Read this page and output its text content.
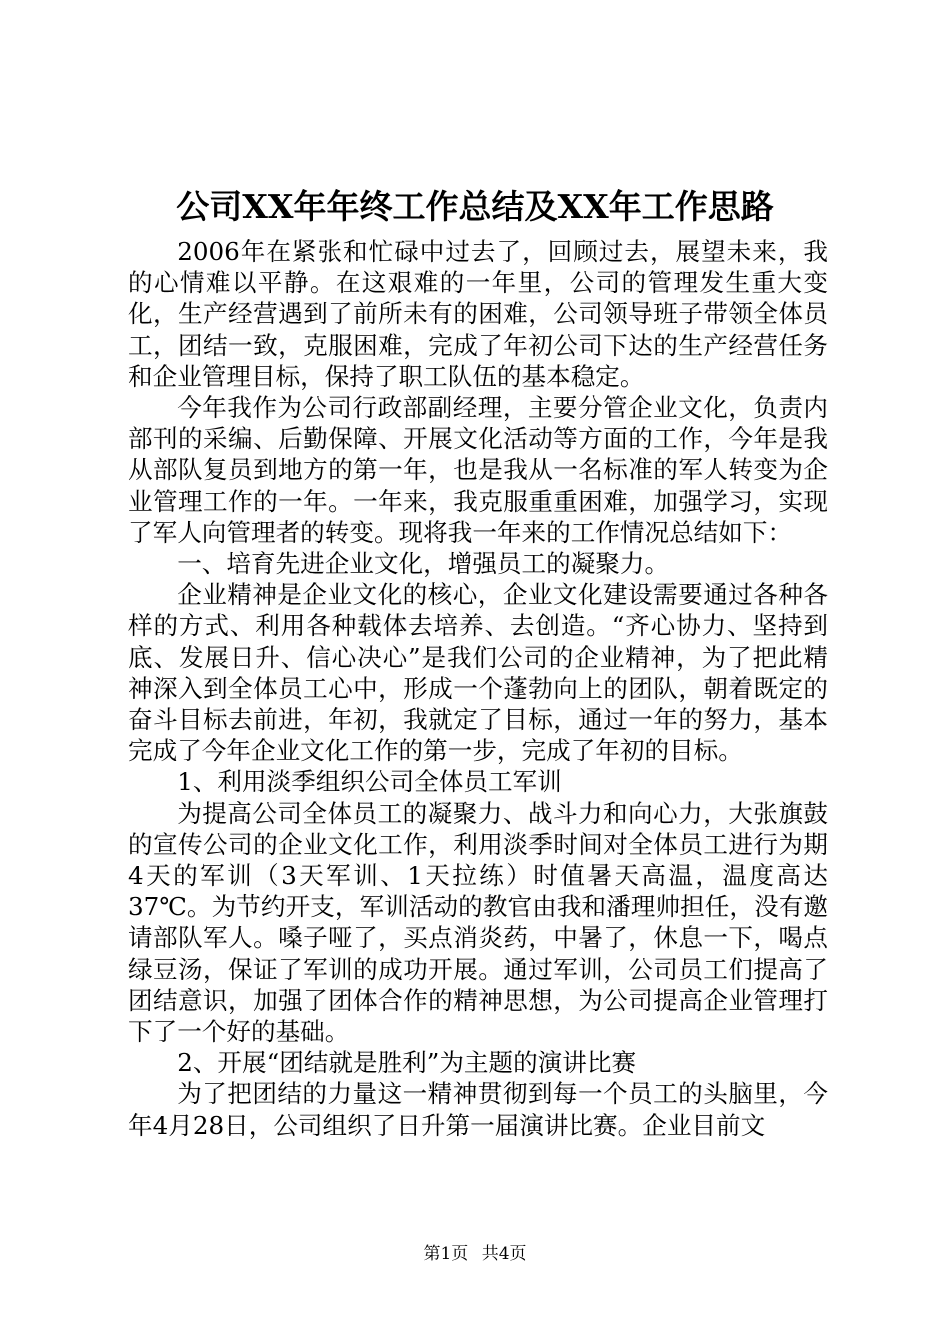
公司XX年年终工作总结及XX年工作思路

2006年在紧张和忙碌中过去了，回顾过去，展望未来，我的心情难以平静。在这艰难的一年里，公司的管理发生重大变化，生产经营遇到了前所未有的困难，公司领导班子带领全体员工，团结一致，克服困难，完成了年初公司下达的生产经营任务和企业管理目标，保持了职工队伍的基本稳定。

今年我作为公司行政部副经理，主要分管企业文化，负责内部刊的采编、后勤保障、开展文化活动等方面的工作，今年是我从部队复员到地方的第一年，也是我从一名标准的军人转变为企业管理工作的一年。一年来，我克服重重困难，加强学习，实现了军人向管理者的转变。现将我一年来的工作情况总结如下：

一、培育先进企业文化，增强员工的凝聚力。

企业精神是企业文化的核心，企业文化建设需要通过各种各样的方式、利用各种载体去培养、去创造。“齐心协力、坚持到底、发展日升、信心决心”是我们公司的企业精神，为了把此精神深入到全体员工心中，形成一个蓬勃向上的团队，朝着既定的奋斗目标去前进，年初，我就定了目标，通过一年的努力，基本完成了今年企业文化工作的第一步，完成了年初的目标。

1、利用淡季组织公司全体员工军训

为提高公司全体员工的凝聚力、战斗力和向心力，大张旗鼓的宣传公司的企业文化工作，利用淡季时间对全体员工进行为期4天的军训（3天军训、1天拉练）时值暑天高温，温度高达37℃。为节约开支，军训活动的教官由我和潘理帅担任，没有邀请部队军人。嗓子哑了，买点消炎药，中暑了，休息一下，喝点绿豆汤，保证了军训的成功开展。通过军训，公司员工们提高了团结意识，加强了团体合作的精神思想，为公司提高企业管理打下了一个好的基础。

2、开展“团结就是胜利”为主题的演讲比赛

为了把团结的力量这一精神贯彻到每一个员工的头脑里，今年4月28日，公司组织了日升第一届演讲比赛。企业目前文

第1页 共4页
